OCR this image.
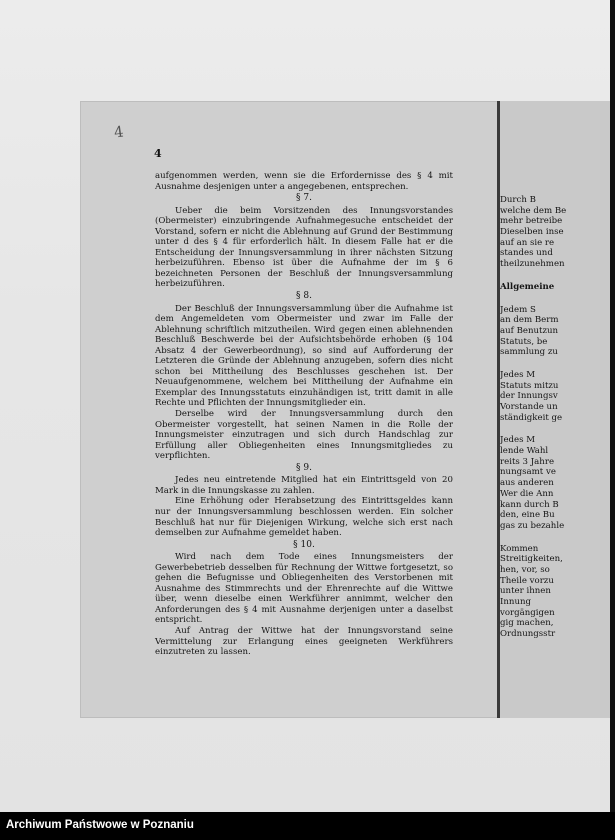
4
4

aufgenommen werden, wenn sie die Erfordernisse des § 4 mit Ausnahme desjenigen unter a angegebenen, entsprechen.

§ 7.

Ueber die beim Vorsitzenden des Innungsvorstandes (Obermeister) einzubringende Aufnahmegesuche entscheidet der Vorstand, sofern er nicht die Ablehnung auf Grund der Bestimmung unter d des § 4 für erforderlich hält. In diesem Falle hat er die Entscheidung der Innungsversammlung in ihrer nächsten Sitzung herbeizuführen. Ebenso ist über die Aufnahme der im § 6 bezeichneten Personen der Beschluß der Innungsversammlung herbeizuführen.

§ 8.

Der Beschluß der Innungsversammlung über die Aufnahme ist dem Angemeldeten vom Obermeister und zwar im Falle der Ablehnung schriftlich mitzutheilen. Wird gegen einen ablehnenden Beschluß Beschwerde bei der Aufsichtsbehörde erhoben (§ 104 Absatz 4 der Gewerbeordnung), so sind auf Aufforderung der Letzteren die Gründe der Ablehnung anzugeben, sofern dies nicht schon bei Mittheilung des Beschlusses geschehen ist. Der Neuaufgenommene, welchem bei Mittheilung der Aufnahme ein Exemplar des Innungsstatuts einzuhändigen ist, tritt damit in alle Rechte und Pflichten der Innungsmitglieder ein.

Derselbe wird der Innungsversammlung durch den Obermeister vorgestellt, hat seinen Namen in die Rolle der Innungsmeister einzutragen und sich durch Handschlag zur Erfüllung aller Obliegenheiten eines Innungsmitgliedes zu verpflichten.

§ 9.

Jedes neu eintretende Mitglied hat ein Eintrittsgeld von 20 Mark in die Innungskasse zu zahlen.

Eine Erhöhung oder Herabsetzung des Eintrittsgeldes kann nur der Innungsversammlung beschlossen werden. Ein solcher Beschluß hat nur für Diejenigen Wirkung, welche sich erst nach demselben zur Aufnahme gemeldet haben.

§ 10.

Wird nach dem Tode eines Innungsmeisters der Gewerbebetrieb desselben für Rechnung der Wittwe fortgesetzt, so gehen die Befugnisse und Obliegenheiten des Verstorbenen mit Ausnahme des Stimmrechts und der Ehrenrechte auf die Wittwe über, wenn dieselbe einen Werkführer annimmt, welcher den Anforderungen des § 4 mit Ausnahme derjenigen unter a daselbst entspricht.

Auf Antrag der Wittwe hat der Innungsvorstand seine Vermittelung zur Erlangung eines geeigneten Werkführers einzutreten zu lassen.

Durch B
welche dem Be
mehr betreibe
Dieselben inse
auf an sie re
standes und
theilzunehmen
Allgemeine
Jedem S
an dem Berm
auf Benutzun
Statuts, be
sammlung zu
Jedes M
Statuts mitzu
der Innungsv
Vorstande un
ständigkeit ge
Jedes M
lende Wahl
reits 3 Jahre
nungsamt ve
aus anderen
Wer die Ann
kann durch B
den, eine Bu
gas zu bezahle
Kommen
Streitigkeiten,
hen, vor, so
Theile vorzu
unter ihnen
Innung
vorgängigen
gig machen,
Ordnungsstr
Archiwum Państwowe w Poznaniu
